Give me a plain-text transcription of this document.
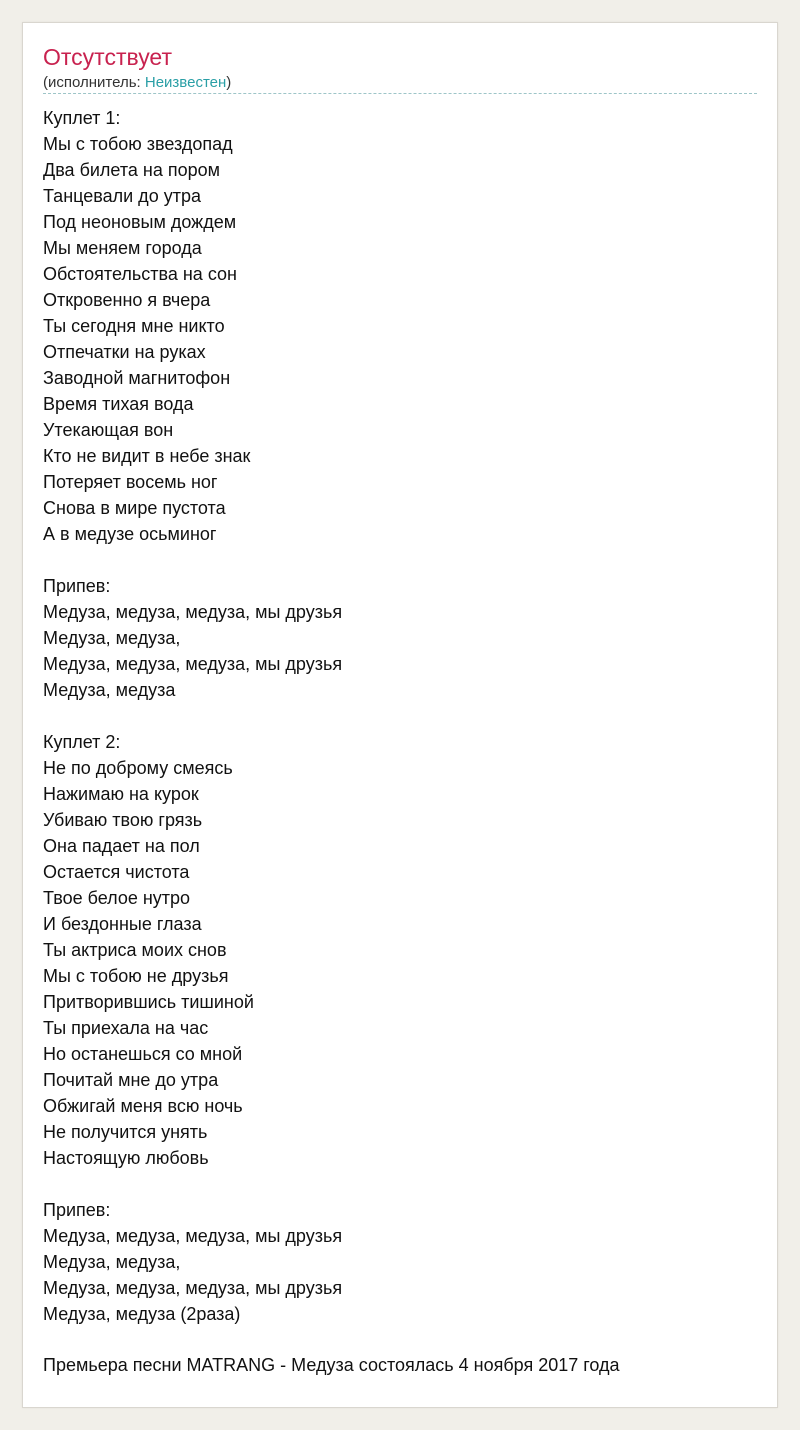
Отсутствует
(исполнитель: Неизвестен)
Куплет 1:
Мы с тобою звездопад
Два билета на пором
Танцевали до утра
Под неоновым дождем
Мы меняем города
Обстоятельства на сон
Откровенно я вчера
Ты сегодня мне никто
Отпечатки на руках
Заводной магнитофон
Время тихая вода
Утекающая вон
Кто не видит в небе знак
Потеряет восемь ног
Снова в мире пустота
А в медузе осьминог
Припев:
Медуза, медуза, медуза, мы друзья
Медуза, медуза,
Медуза, медуза, медуза, мы друзья
Медуза, медуза
Куплет 2:
Не по доброму смеясь
Нажимаю на курок
Убиваю твою грязь
Она падает на пол
Остается чистота
Твое белое нутро
И бездонные глаза
Ты актриса моих снов
Мы с тобою не друзья
Притворившись тишиной
Ты приехала на час
Но останешься со мной
Почитай мне до утра
Обжигай меня всю ночь
Не получится унять
Настоящую любовь
Припев:
Медуза, медуза, медуза, мы друзья
Медуза, медуза,
Медуза, медуза, медуза, мы друзья
Медуза, медуза (2раза)
Премьера песни MATRANG - Медуза состоялась 4 ноября 2017 года
